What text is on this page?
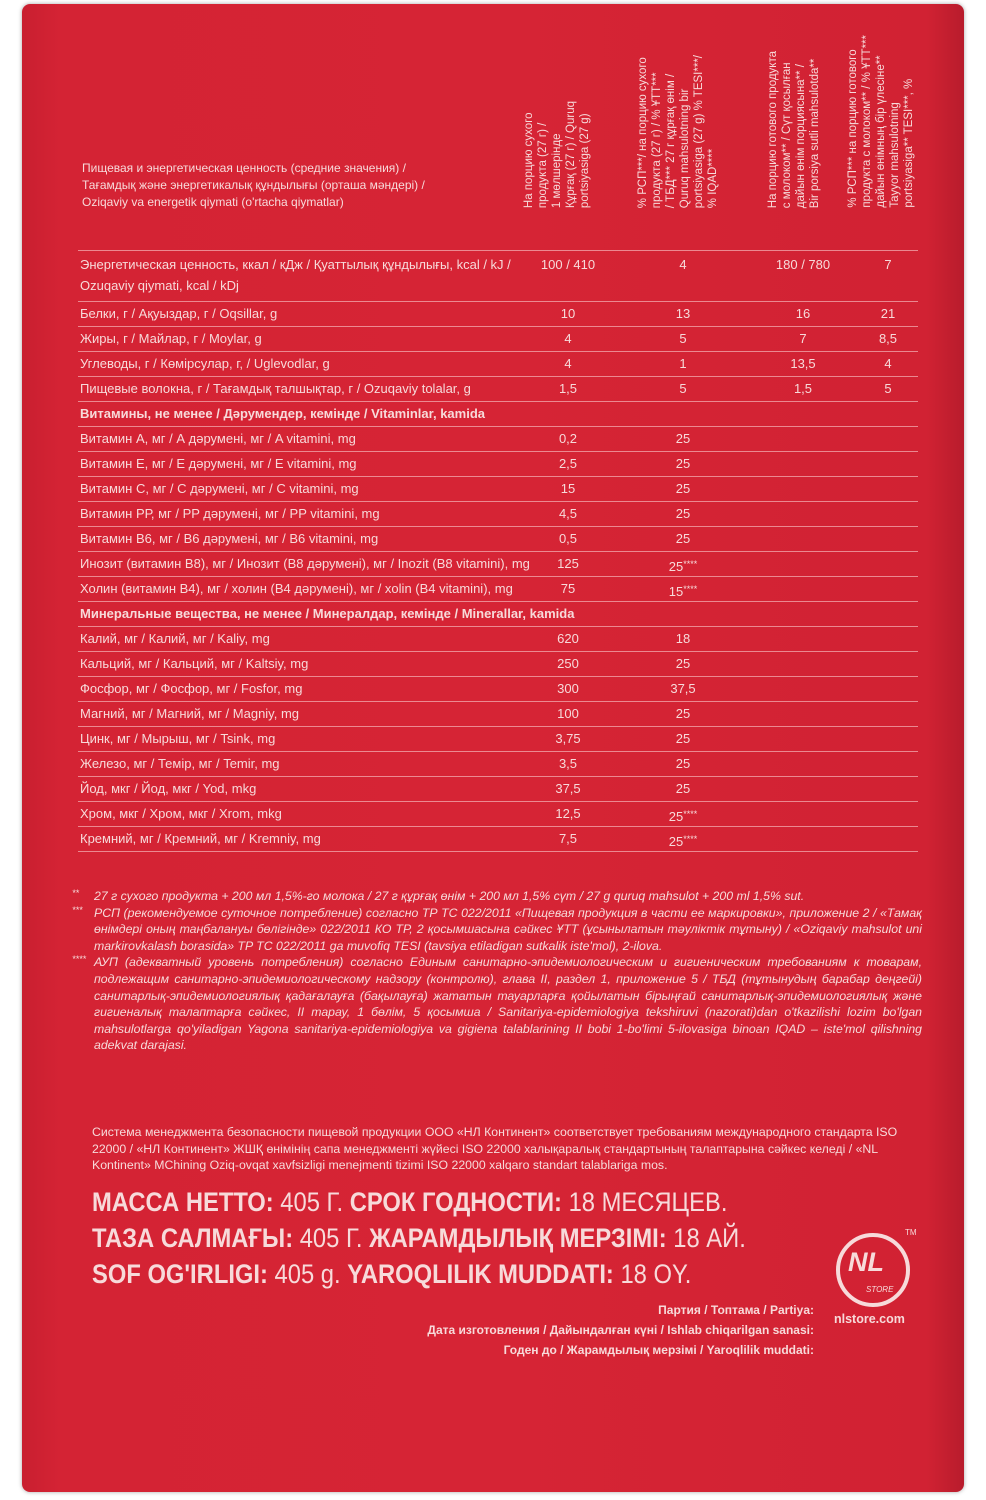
Пищевая и энергетическая ценность (средние значения) /
Тағамдық және энергетикалық құндылығы (орташа мәндері) /
Oziqaviy va energetik qiymati (o'rtacha qiymatlar)	На порцию сухого продукта (27 г) / 1 мөлшерінде Құрғақ (27 г) / Quruq portsiyasiga (27 g)	% РСП***/ на порцию сухого продукта (27 г) / % ҰТТ*** / ТБД*** 27 г құрғақ өнім / Quruq mahsulotning bir portsiyasiga (27 g) % TESI***/ % IQAD****	На порцию готового продукта с молоком** / Сүт қосылған дайын өнім порциясына** / Bir porsiya sutli mahsulotda** % РСП*** на порцию готового продукта с молоком** / % ҰТТ*** дайын өнімның бір үлесіне** Tayyor mahsulotning portsiyasiga** TESI***, %
Энергетическая ценность, ккал / кДж / Қуаттылық құндылығы, kcal / kJ / Ozuqaviy qiymati, kcal / kDj
100 / 410	4	180 / 780	7
Белки, г / Ақуыздар, г / Oqsillar, g	10	13	16	21
Жиры, г / Майлар, г / Moylar, g	4	5	7	8,5
Углеводы, г / Көмірсулар, г, / Uglevodlar, g	4	1	13,5	4
Пищевые волокна, г / Тағамдық талшықтар, г / Ozuqaviy tolalar, g	1,5	5	1,5	5
Витамины, не менее / Дәрумендер, кемінде / Vitaminlar, kamida
Витамин А, мг / А дәрумені, мг / A vitamini, mg	0,2	25
Витамин Е, мг / Е дәрумені, мг / E vitamini, mg	2,5	25
Витамин С, мг / С дәрумені, мг / C vitamini, mg	15	25
Витамин РР, мг / PP дәрумені, мг / PP vitamini, mg	4,5	25
Витамин В6, мг / В6 дәрумені, мг / B6 vitamini, mg	0,5	25
Инозит (витамин В8), мг / Инозит (В8 дәрумені), мг / Inozit (B8 vitamini), mg	125	25****
Холин (витамин В4), мг / холин (В4 дәрумені), мг / xolin (B4 vitamini), mg	75	15****
Минеральные вещества, не менее / Минералдар, кемінде / Minerallar, kamida
Калий, мг / Калий, мг / Kaliy, mg	620	18
Кальций, мг / Кальций, мг / Kaltsiy, mg	250	25
Фосфор, мг / Фосфор, мг / Fosfor, mg	300	37,5
Магний, мг / Магний, мг / Magniy, mg	100	25
Цинк, мг / Мырыш, мг / Tsink, mg	3,75	25
Железо, мг / Темір, мг / Temir, mg	3,5	25
Йод, мкг / Йод, мкг / Yod, mkg	37,5	25
Хром, мкг / Хром, мкг / Xrom, mkg	12,5	25****
Кремний, мг / Кремний, мг / Kremniy, mg	7,5	25****
** 27 г сухого продукта + 200 мл 1,5%-го молока / 27 г құрғақ өнім + 200 мл 1,5% сүт / 27 g quruq mahsulot + 200 ml 1,5% sut.
*** РСП (рекомендуемое суточное потребление) согласно ТР ТС 022/2011 «Пищевая продукция в части ее маркировки», приложение 2 / «Тамақ өнімдері оның таңбалануы бөлігінде» 022/2011 КО ТР, 2 қосымшасына сәйкес ҰТТ (ұсынылатын тәуліктік тұтыну) / «Oziqaviy mahsulot uni markirovkalash borasida» TP TC 022/2011 ga muvofiq TESI (tavsiya etiladigan sutkalik iste'mol), 2-ilova.
**** АУП (адекватный уровень потребления) согласно Единым санитарно-эпидемиологическим и гигиеническим требованиям к товарам, подлежащим санитарно-эпидемиологическому надзору (контролю), глава II, раздел 1, приложение 5 / ТБД (тұтынудың барабар деңгейі) санитарлық-эпидемиологиялық қадағалауға (бақылауға) жататын тауарларға қойылатын бірыңғай санитарлық-эпидемиологиялық және гигиеналық талаптарға сәйкес, II тарау, 1 бөлім, 5 қосымша / Sanitariya-epidemiologiya tekshiruvi (nazorati)dan o'tkazilishi lozim bo'lgan mahsulotlarga qo'yiladigan Yagona sanitariya-epidemiologiya va gigiena talablarining II bobi 1-bo'limi 5-ilovasiga binoan IQAD – iste'mol qilishning adekvat darajasi.
Система менеджмента безопасности пищевой продукции ООО «НЛ Континент» соответствует требованиям международного стандарта ISO 22000 / «НЛ Континент» ЖШҚ өнімінің сапа менеджменті жүйесі ISO 22000 халықаралық стандартының талаптарына сәйкес келеді / «NL Kontinent» MChining Oziq-ovqat xavfsizligi menejmenti tizimi ISO 22000 xalqaro standart talablariga mos.
МАССА НЕТТО: 405 Г. СРОК ГОДНОСТИ: 18 МЕСЯЦЕВ.
ТАЗА САЛМАҒЫ: 405 Г. ЖАРАМДЫЛЫҚ МЕРЗІМІ: 18 АЙ.
SOF OG'IRLIGI: 405 g. YAROQLILIK MUDDATI: 18 OY.
Партия / Топтама / Partiya:
Дата изготовления / Дайындалған күні / Ishlab chiqarilgan sanasi:
Годен до / Жарамдылық мерзімі / Yaroqlilik muddati:
NL
STORE
TM
nlstore.com
